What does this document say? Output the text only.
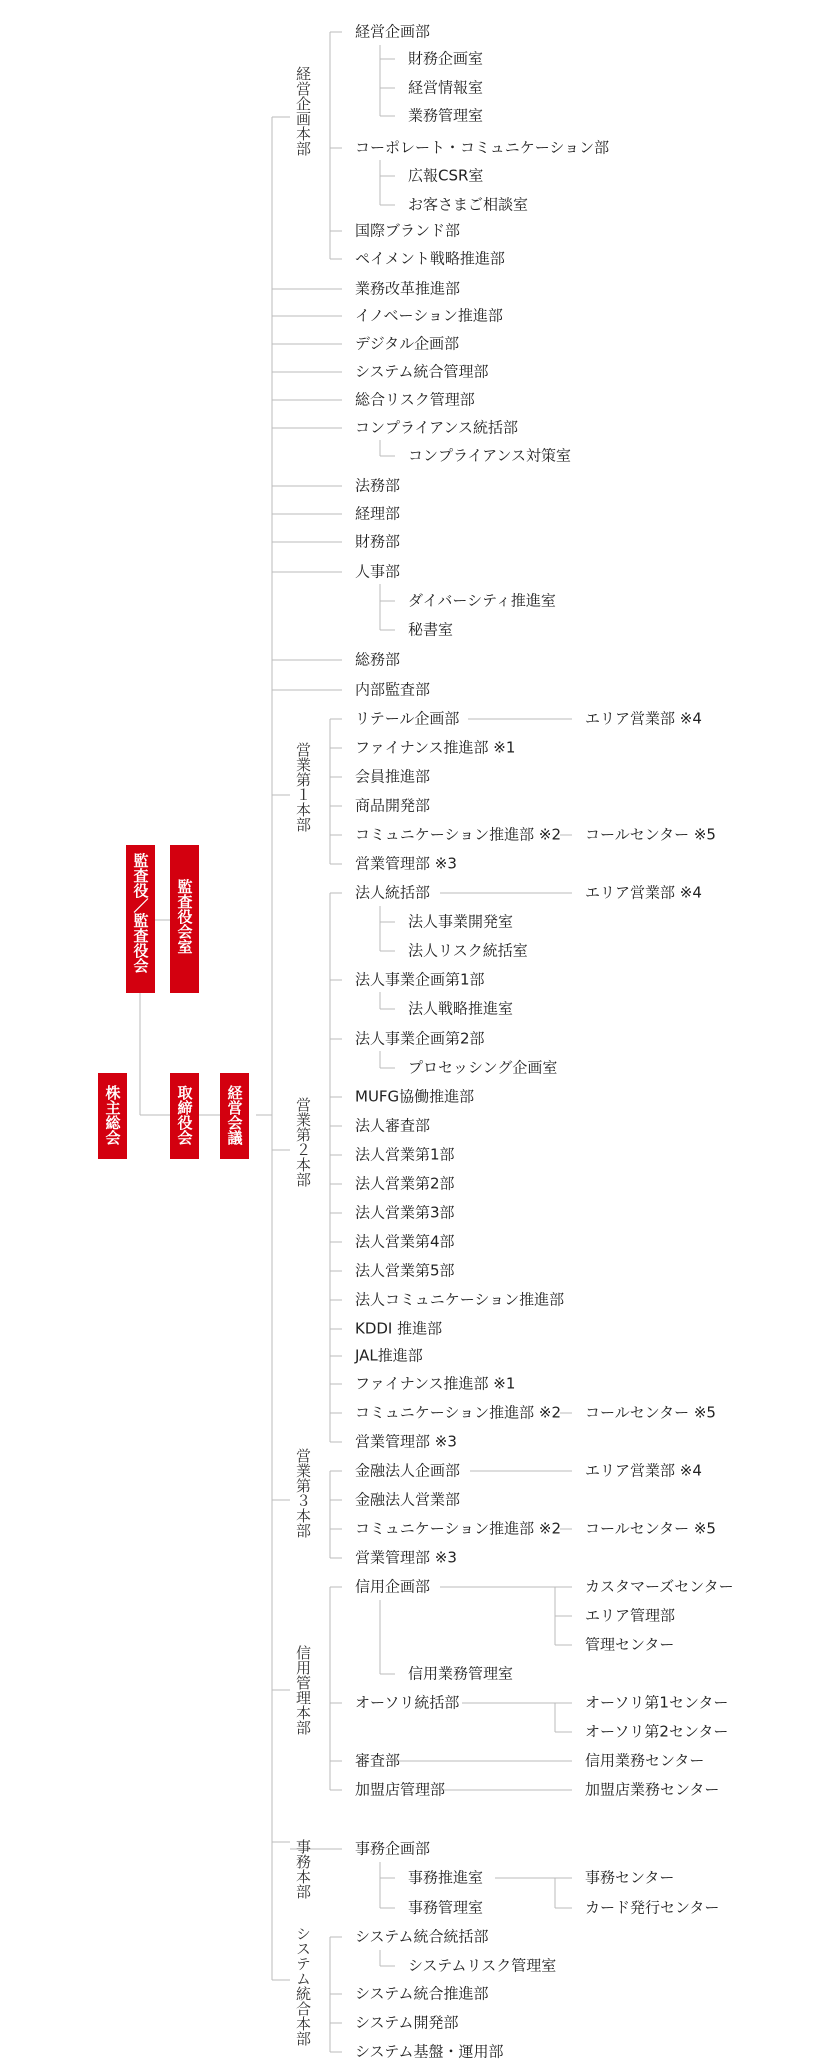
監査役／監査役会 監査役会室
株主総会	取締役会 経営会議
経営企画本部
営業第１本部
営業第２本部
営業第３本部
信用管理本部
事務本部
システム統合本部
経営企画部
財務企画室
経営情報室
業務管理室
コーポレート・コミュニケーション部
広報CSR室
お客さまご相談室
国際ブランド部
ペイメント戦略推進部
業務改革推進部
イノベーション推進部
デジタル企画部
システム統合管理部
総合リスク管理部
コンプライアンス統括部
コンプライアンス対策室
法務部
経理部
財務部
人事部
ダイバーシティ推進室
秘書室
総務部
内部監査部
リテール企画部	エリア営業部 ※4
ファイナンス推進部 ※1
会員推進部
商品開発部
コミュニケーション推進部 ※2 コールセンター ※5
営業管理部 ※3
法人統括部	エリア営業部 ※4
法人事業開発室
法人リスク統括室
法人事業企画第1部
法人戦略推進室
法人事業企画第2部
プロセッシング企画室
MUFG協働推進部
法人審査部
法人営業第1部
法人営業第2部
法人営業第3部
法人営業第4部
法人営業第5部
法人コミュニケーション推進部
KDDI 推進部
JAL推進部
ファイナンス推進部 ※1
コミュニケーション推進部 ※2 コールセンター ※5
営業管理部 ※3
金融法人企画部	エリア営業部 ※4
金融法人営業部
コミュニケーション推進部 ※2 コールセンター ※5
営業管理部 ※3
信用企画部	カスタマーズセンター
エリア管理部
管理センター
信用業務管理室
オーソリ統括部	オーソリ第1センター
オーソリ第2センター
審査部	信用業務センター
加盟店管理部	加盟店業務センター
事務企画部
事務推進室	事務センター
カード発行センター
事務管理室
システム統合統括部
システムリスク管理室
システム統合推進部
システム開発部
システム基盤・運用部
